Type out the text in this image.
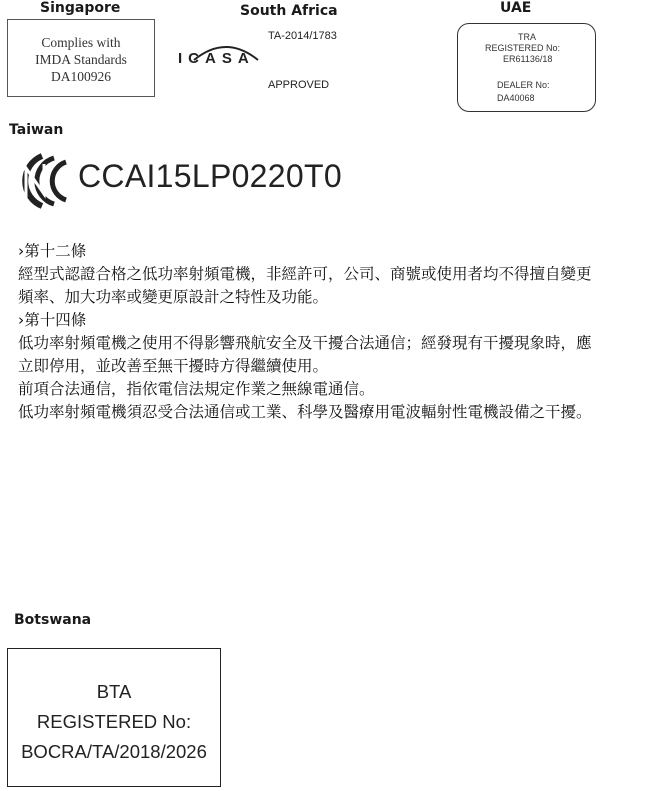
Singapore
Complies with
IMDA Standards
DA100926
South Africa
ICASA
TA-2014/1783
APPROVED
UAE
TRA
REGISTERED No:
ER61136/18
DEALER No:
DA40068
Taiwan
CCAI15LP0220T0
›第十二條
經型式認證合格之低功率射頻電機，非經許可，公司、商號或使用者均不得擅自變更
頻率、加大功率或變更原設計之特性及功能。
›第十四條
低功率射頻電機之使用不得影響飛航安全及干擾合法通信；經發現有干擾現象時，應
立即停用，並改善至無干擾時方得繼續使用。
前項合法通信，指依電信法規定作業之無線電通信。
低功率射頻電機須忍受合法通信或工業、科學及醫療用電波輻射性電機設備之干擾。
Botswana
BTA
REGISTERED No:
BOCRA/TA/2018/2026
